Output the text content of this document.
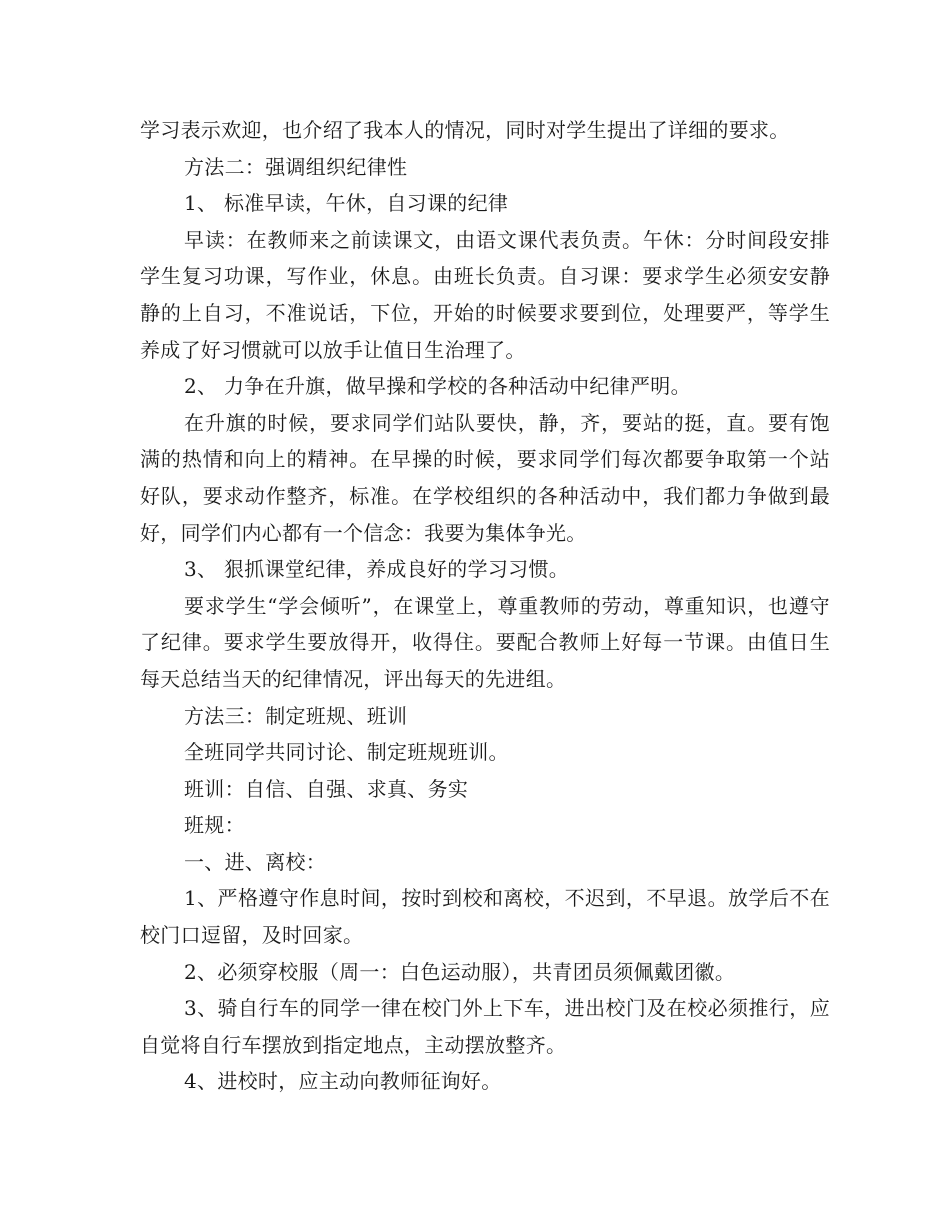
学习表示欢迎，也介绍了我本人的情况，同时对学生提出了详细的要求。

方法二：强调组织纪律性

1、 标准早读，午休，自习课的纪律

早读：在教师来之前读课文，由语文课代表负责。午休：分时间段安排学生复习功课，写作业，休息。由班长负责。自习课：要求学生必须安安静静的上自习，不准说话，下位，开始的时候要求要到位，处理要严，等学生养成了好习惯就可以放手让值日生治理了。

2、 力争在升旗，做早操和学校的各种活动中纪律严明。

在升旗的时候，要求同学们站队要快，静，齐，要站的挺，直。要有饱满的热情和向上的精神。在早操的时候，要求同学们每次都要争取第一个站好队，要求动作整齐，标准。在学校组织的各种活动中，我们都力争做到最好，同学们内心都有一个信念：我要为集体争光。

3、 狠抓课堂纪律，养成良好的学习习惯。

要求学生“学会倾听”，在课堂上，尊重教师的劳动，尊重知识，也遵守了纪律。要求学生要放得开，收得住。要配合教师上好每一节课。由值日生每天总结当天的纪律情况，评出每天的先进组。

方法三：制定班规、班训

全班同学共同讨论、制定班规班训。

班训：自信、自强、求真、务实

班规：

一、进、离校：

1、严格遵守作息时间，按时到校和离校，不迟到，不早退。放学后不在校门口逗留，及时回家。

2、必须穿校服（周一：白色运动服），共青团员须佩戴团徽。

3、骑自行车的同学一律在校门外上下车，进出校门及在校必须推行，应自觉将自行车摆放到指定地点，主动摆放整齐。

4、进校时，应主动向教师征询好。
